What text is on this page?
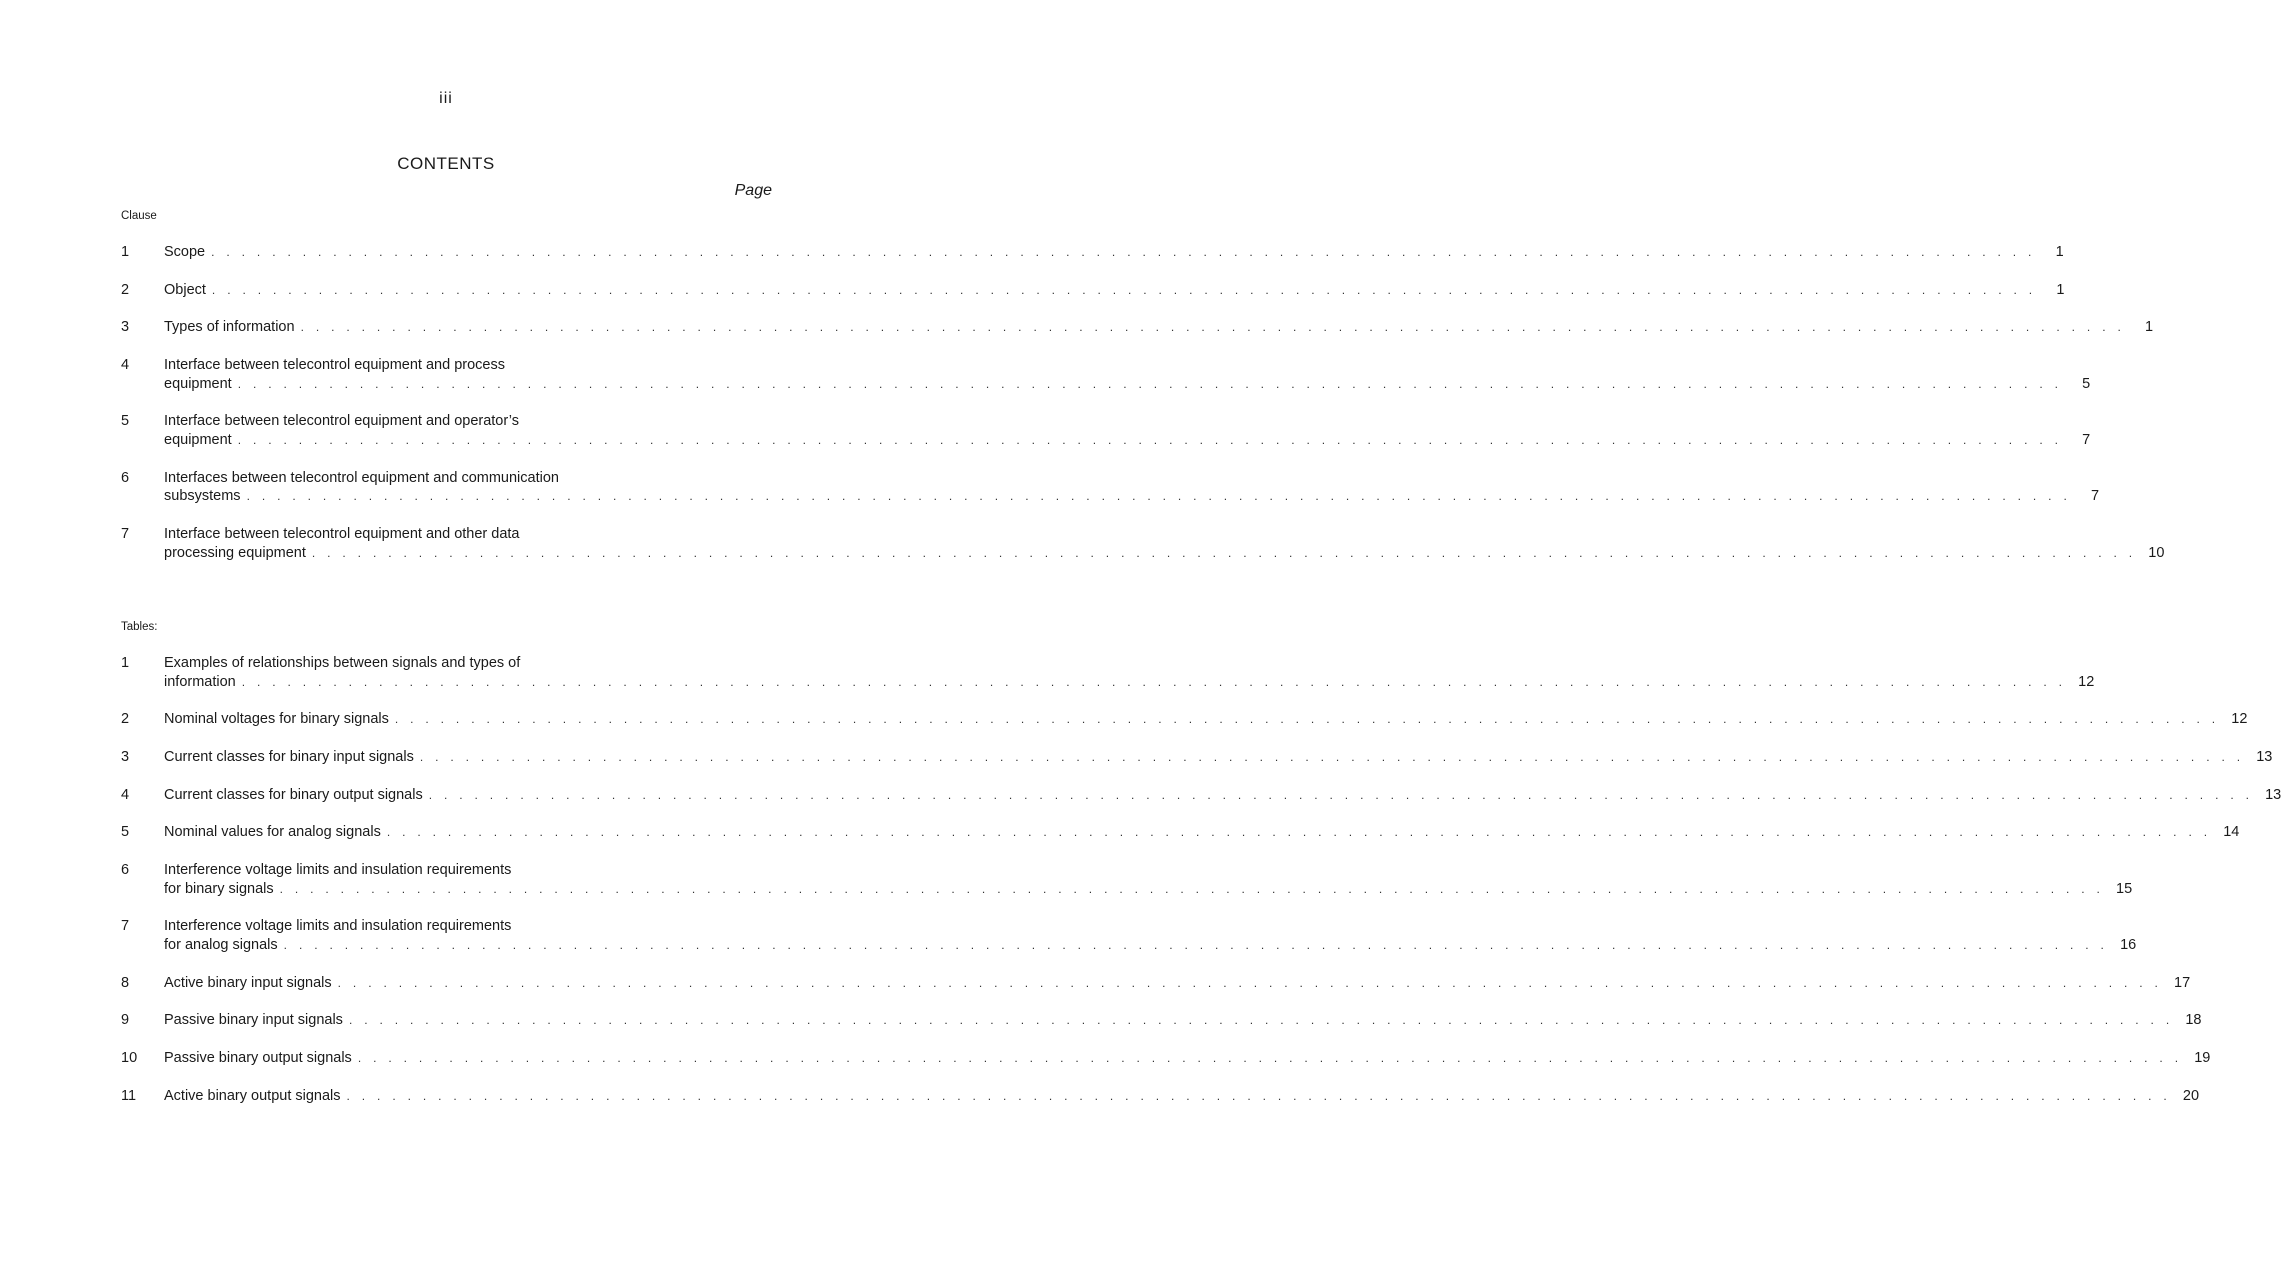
iii
CONTENTS
Page
Clause
1 Scope . . . . . . . . . . . . . . . . . . . . . . . . . . . . . . . . . . . . . . . . . . . . . . . . . . . . . . . . . . . . . . . . . . . . . . . . . . . . . . . . . . . . . . . . . . . . . . . . . . . . . . . . . . . . . . . . . . . . . . . .	1
2 Object . . . . . . . . . . . . . . . . . . . . . . . . . . . . . . . . . . . . . . . . . . . . . . . . . . . . . . . . . . . . . . . . . . . . . . . . . . . . . . . . . . . . . . . . . . . . . . . . . . . . . . . . . . . . . . . . . . . . . . . .	1
3 Types of information . . . . . . . . . . . . . . . . . . . . . . . . . . . . . . . . . . . . . . . . . . . . . . . . . . . . . . . . . . . . . . . . . . . . . . . . . . . . . . . . . . . . . . . . . . . . . . . . . . . . . . . . . . . . . . . . . . . . . . . .	1
4 Interface between telecontrol equipment and process
equipment . . . . . . . . . . . . . . . . . . . . . . . . . . . . . . . . . . . . . . . . . . . . . . . . . . . . . . . . . . . . . . . . . . . . . . . . . . . . . . . . . . . . . . . . . . . . . . . . . . . . . . . . . . . . . . . . . . . . . . . .	5
5 Interface between telecontrol equipment and operator’s
equipment . . . . . . . . . . . . . . . . . . . . . . . . . . . . . . . . . . . . . . . . . . . . . . . . . . . . . . . . . . . . . . . . . . . . . . . . . . . . . . . . . . . . . . . . . . . . . . . . . . . . . . . . . . . . . . . . . . . . . . . .	7
6 Interfaces between telecontrol equipment and communication
subsystems . . . . . . . . . . . . . . . . . . . . . . . . . . . . . . . . . . . . . . . . . . . . . . . . . . . . . . . . . . . . . . . . . . . . . . . . . . . . . . . . . . . . . . . . . . . . . . . . . . . . . . . . . . . . . . . . . . . . . . . .	7
7 Interface between telecontrol equipment and other data
processing equipment . . . . . . . . . . . . . . . . . . . . . . . . . . . . . . . . . . . . . . . . . . . . . . . . . . . . . . . . . . . . . . . . . . . . . . . . . . . . . . . . . . . . . . . . . . . . . . . . . . . . . . . . . . . . . . . . . . . . . . . . 10
Tables:
1 Examples of relationships between signals and types of
information . . . . . . . . . . . . . . . . . . . . . . . . . . . . . . . . . . . . . . . . . . . . . . . . . . . . . . . . . . . . . . . . . . . . . . . . . . . . . . . . . . . . . . . . . . . . . . . . . . . . . . . . . . . . . . . . . . . . . . . . 12
2 Nominal voltages for binary signals . . . . . . . . . . . . . . . . . . . . . . . . . . . . . . . . . . . . . . . . . . . . . . . . . . . . . . . . . . . . . . . . . . . . . . . . . . . . . . . . . . . . . . . . . . . . . . . . . . . . . . . . . . . . . . . . . . . . . . . . 12
3 Current classes for binary input signals . . . . . . . . . . . . . . . . . . . . . . . . . . . . . . . . . . . . . . . . . . . . . . . . . . . . . . . . . . . . . . . . . . . . . . . . . . . . . . . . . . . . . . . . . . . . . . . . . . . . . . . . . . . . . . . . . . . . . . . . 13
4 Current classes for binary output signals . . . . . . . . . . . . . . . . . . . . . . . . . . . . . . . . . . . . . . . . . . . . . . . . . . . . . . . . . . . . . . . . . . . . . . . . . . . . . . . . . . . . . . . . . . . . . . . . . . . . . . . . . . . . . . . . . . . . . . . . 13
5 Nominal values for analog signals . . . . . . . . . . . . . . . . . . . . . . . . . . . . . . . . . . . . . . . . . . . . . . . . . . . . . . . . . . . . . . . . . . . . . . . . . . . . . . . . . . . . . . . . . . . . . . . . . . . . . . . . . . . . . . . . . . . . . . . . 14
6 Interference voltage limits and insulation requirements
for binary signals . . . . . . . . . . . . . . . . . . . . . . . . . . . . . . . . . . . . . . . . . . . . . . . . . . . . . . . . . . . . . . . . . . . . . . . . . . . . . . . . . . . . . . . . . . . . . . . . . . . . . . . . . . . . . . . . . . . . . . . . 15
7 Interference voltage limits and insulation requirements
for analog signals . . . . . . . . . . . . . . . . . . . . . . . . . . . . . . . . . . . . . . . . . . . . . . . . . . . . . . . . . . . . . . . . . . . . . . . . . . . . . . . . . . . . . . . . . . . . . . . . . . . . . . . . . . . . . . . . . . . . . . . . 16
8 Active binary input signals . . . . . . . . . . . . . . . . . . . . . . . . . . . . . . . . . . . . . . . . . . . . . . . . . . . . . . . . . . . . . . . . . . . . . . . . . . . . . . . . . . . . . . . . . . . . . . . . . . . . . . . . . . . . . . . . . . . . . . . . 17
9 Passive binary input signals . . . . . . . . . . . . . . . . . . . . . . . . . . . . . . . . . . . . . . . . . . . . . . . . . . . . . . . . . . . . . . . . . . . . . . . . . . . . . . . . . . . . . . . . . . . . . . . . . . . . . . . . . . . . . . . . . . . . . . . . 18
10 Passive binary output signals . . . . . . . . . . . . . . . . . . . . . . . . . . . . . . . . . . . . . . . . . . . . . . . . . . . . . . . . . . . . . . . . . . . . . . . . . . . . . . . . . . . . . . . . . . . . . . . . . . . . . . . . . . . . . . . . . . . . . . . . 19
11 Active binary output signals . . . . . . . . . . . . . . . . . . . . . . . . . . . . . . . . . . . . . . . . . . . . . . . . . . . . . . . . . . . . . . . . . . . . . . . . . . . . . . . . . . . . . . . . . . . . . . . . . . . . . . . . . . . . . . . . . . . . . . . . 20
